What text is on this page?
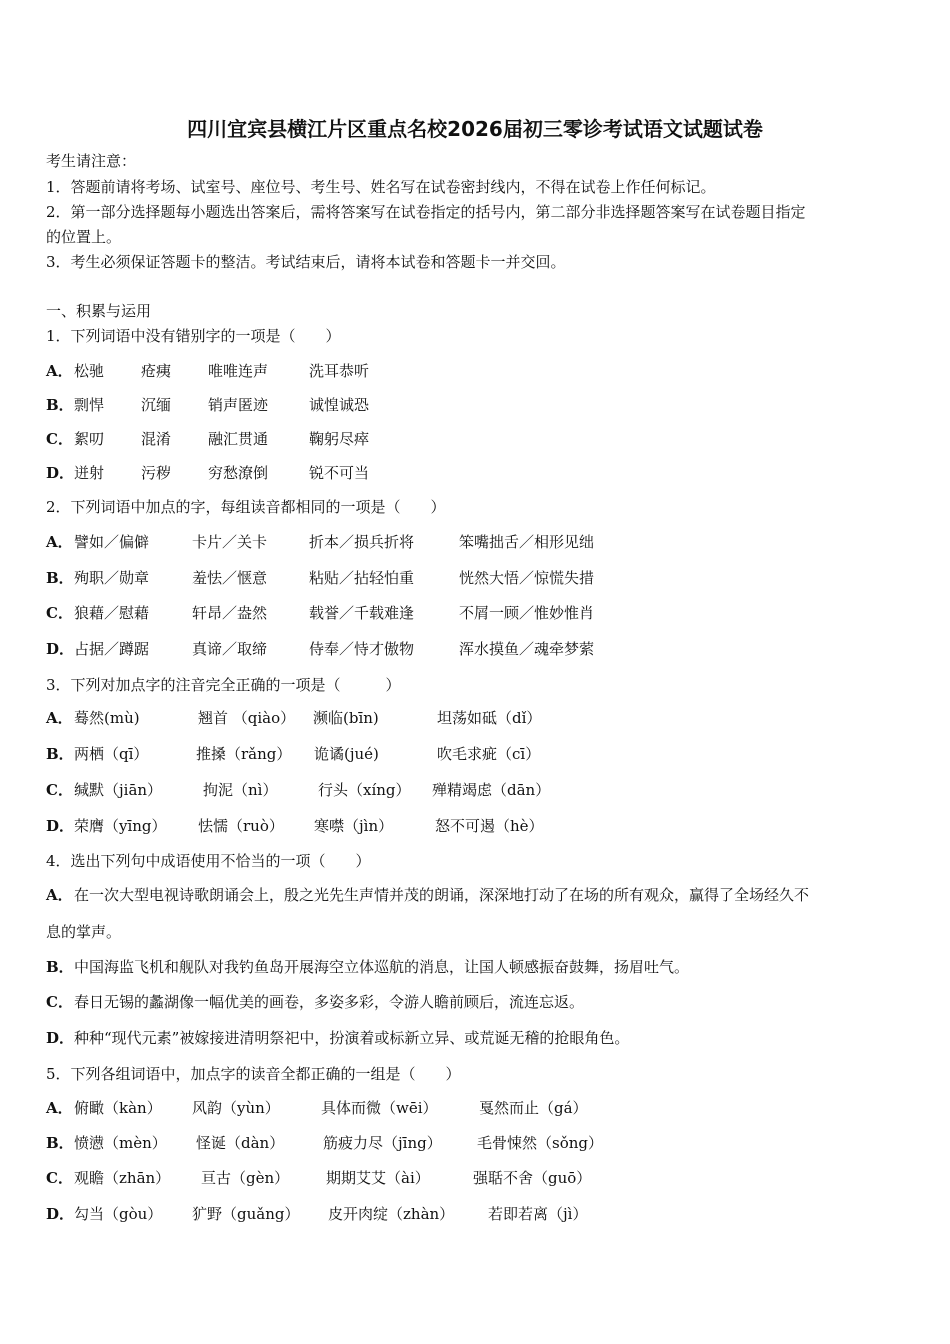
四川宜宾县横江片区重点名校2026届初三零诊考试语文试题试卷
考生请注意：
1．答题前请将考场、试室号、座位号、考生号、姓名写在试卷密封线内，不得在试卷上作任何标记。
2．第一部分选择题每小题选出答案后，需将答案写在试卷指定的括号内，第二部分非选择题答案写在试卷题目指定
的位置上。
3．考生必须保证答题卡的整洁。考试结束后，请将本试卷和答题卡一并交回。
一、积累与运用
1．下列词语中没有错别字的一项是（　　）
A． 松驰 疮痍 唯唯连声	洗耳恭听
B． 剽悍 沉缅 销声匿迹	诚惶诚恐
C． 絮叨 混淆 融汇贯通	鞠躬尽瘁
D． 迸射 污秽 穷愁潦倒	锐不可当
2．下列词语中加点的字，每组读音都相同的一项是（　　）
A． 譬如／偏僻	卡片／关卡	折本／损兵折将	笨嘴拙舌／相形见绌
B． 殉职／勋章	羞怯／惬意	粘贴／拈轻怕重	恍然大悟／惊慌失措
C． 狼藉／慰藉	轩昂／盎然	载誉／千载难逢	不屑一顾／惟妙惟肖
D． 占据／蹲踞	真谛／取缔	侍奉／恃才傲物	浑水摸鱼／魂牵梦萦
3．下列对加点字的注音完全正确的一项是（　　　）
A． 蓦然(mù)	翘首 （qiào） 濒临(bīn)	坦荡如砥（dǐ）
B． 两栖（qī）	推搡（rǎng） 诡谲(jué)	吹毛求疵（cī）
C． 缄默（jiān）	拘泥（nì）	行头（xíng） 殚精竭虑（dān）
D． 荣膺（yīng） 怯懦（ruò） 寒噤（jìn）	怒不可遏（hè）
4．选出下列句中成语使用不恰当的一项（　　）
A． 在一次大型电视诗歌朗诵会上，殷之光先生声情并茂的朗诵，深深地打动了在场的所有观众，赢得了全场经久不
息的掌声。
B． 中国海监飞机和舰队对我钓鱼岛开展海空立体巡航的消息，让国人顿感振奋鼓舞，扬眉吐气。
C． 春日无锡的蠡湖像一幅优美的画卷，多姿多彩，令游人瞻前顾后，流连忘返。
D． 种种“现代元素”被嫁接进清明祭祀中，扮演着或标新立异、或荒诞无稽的抢眼角色。
5．下列各组词语中，加点字的读音全都正确的一组是（　　）
A． 俯瞰（kàn） 风韵（yùn）	具体而微（wēi）	戛然而止（gá）
B． 愤懑（mèn） 怪诞（dàn）	筋疲力尽（jīng） 毛骨悚然（sǒng）
C． 观瞻（zhān） 亘古（gèn） 期期艾艾（ài）	强聒不舍（guō）
D． 勾当（gòu） 犷野（guǎng） 皮开肉绽（zhàn） 若即若离（jì）
